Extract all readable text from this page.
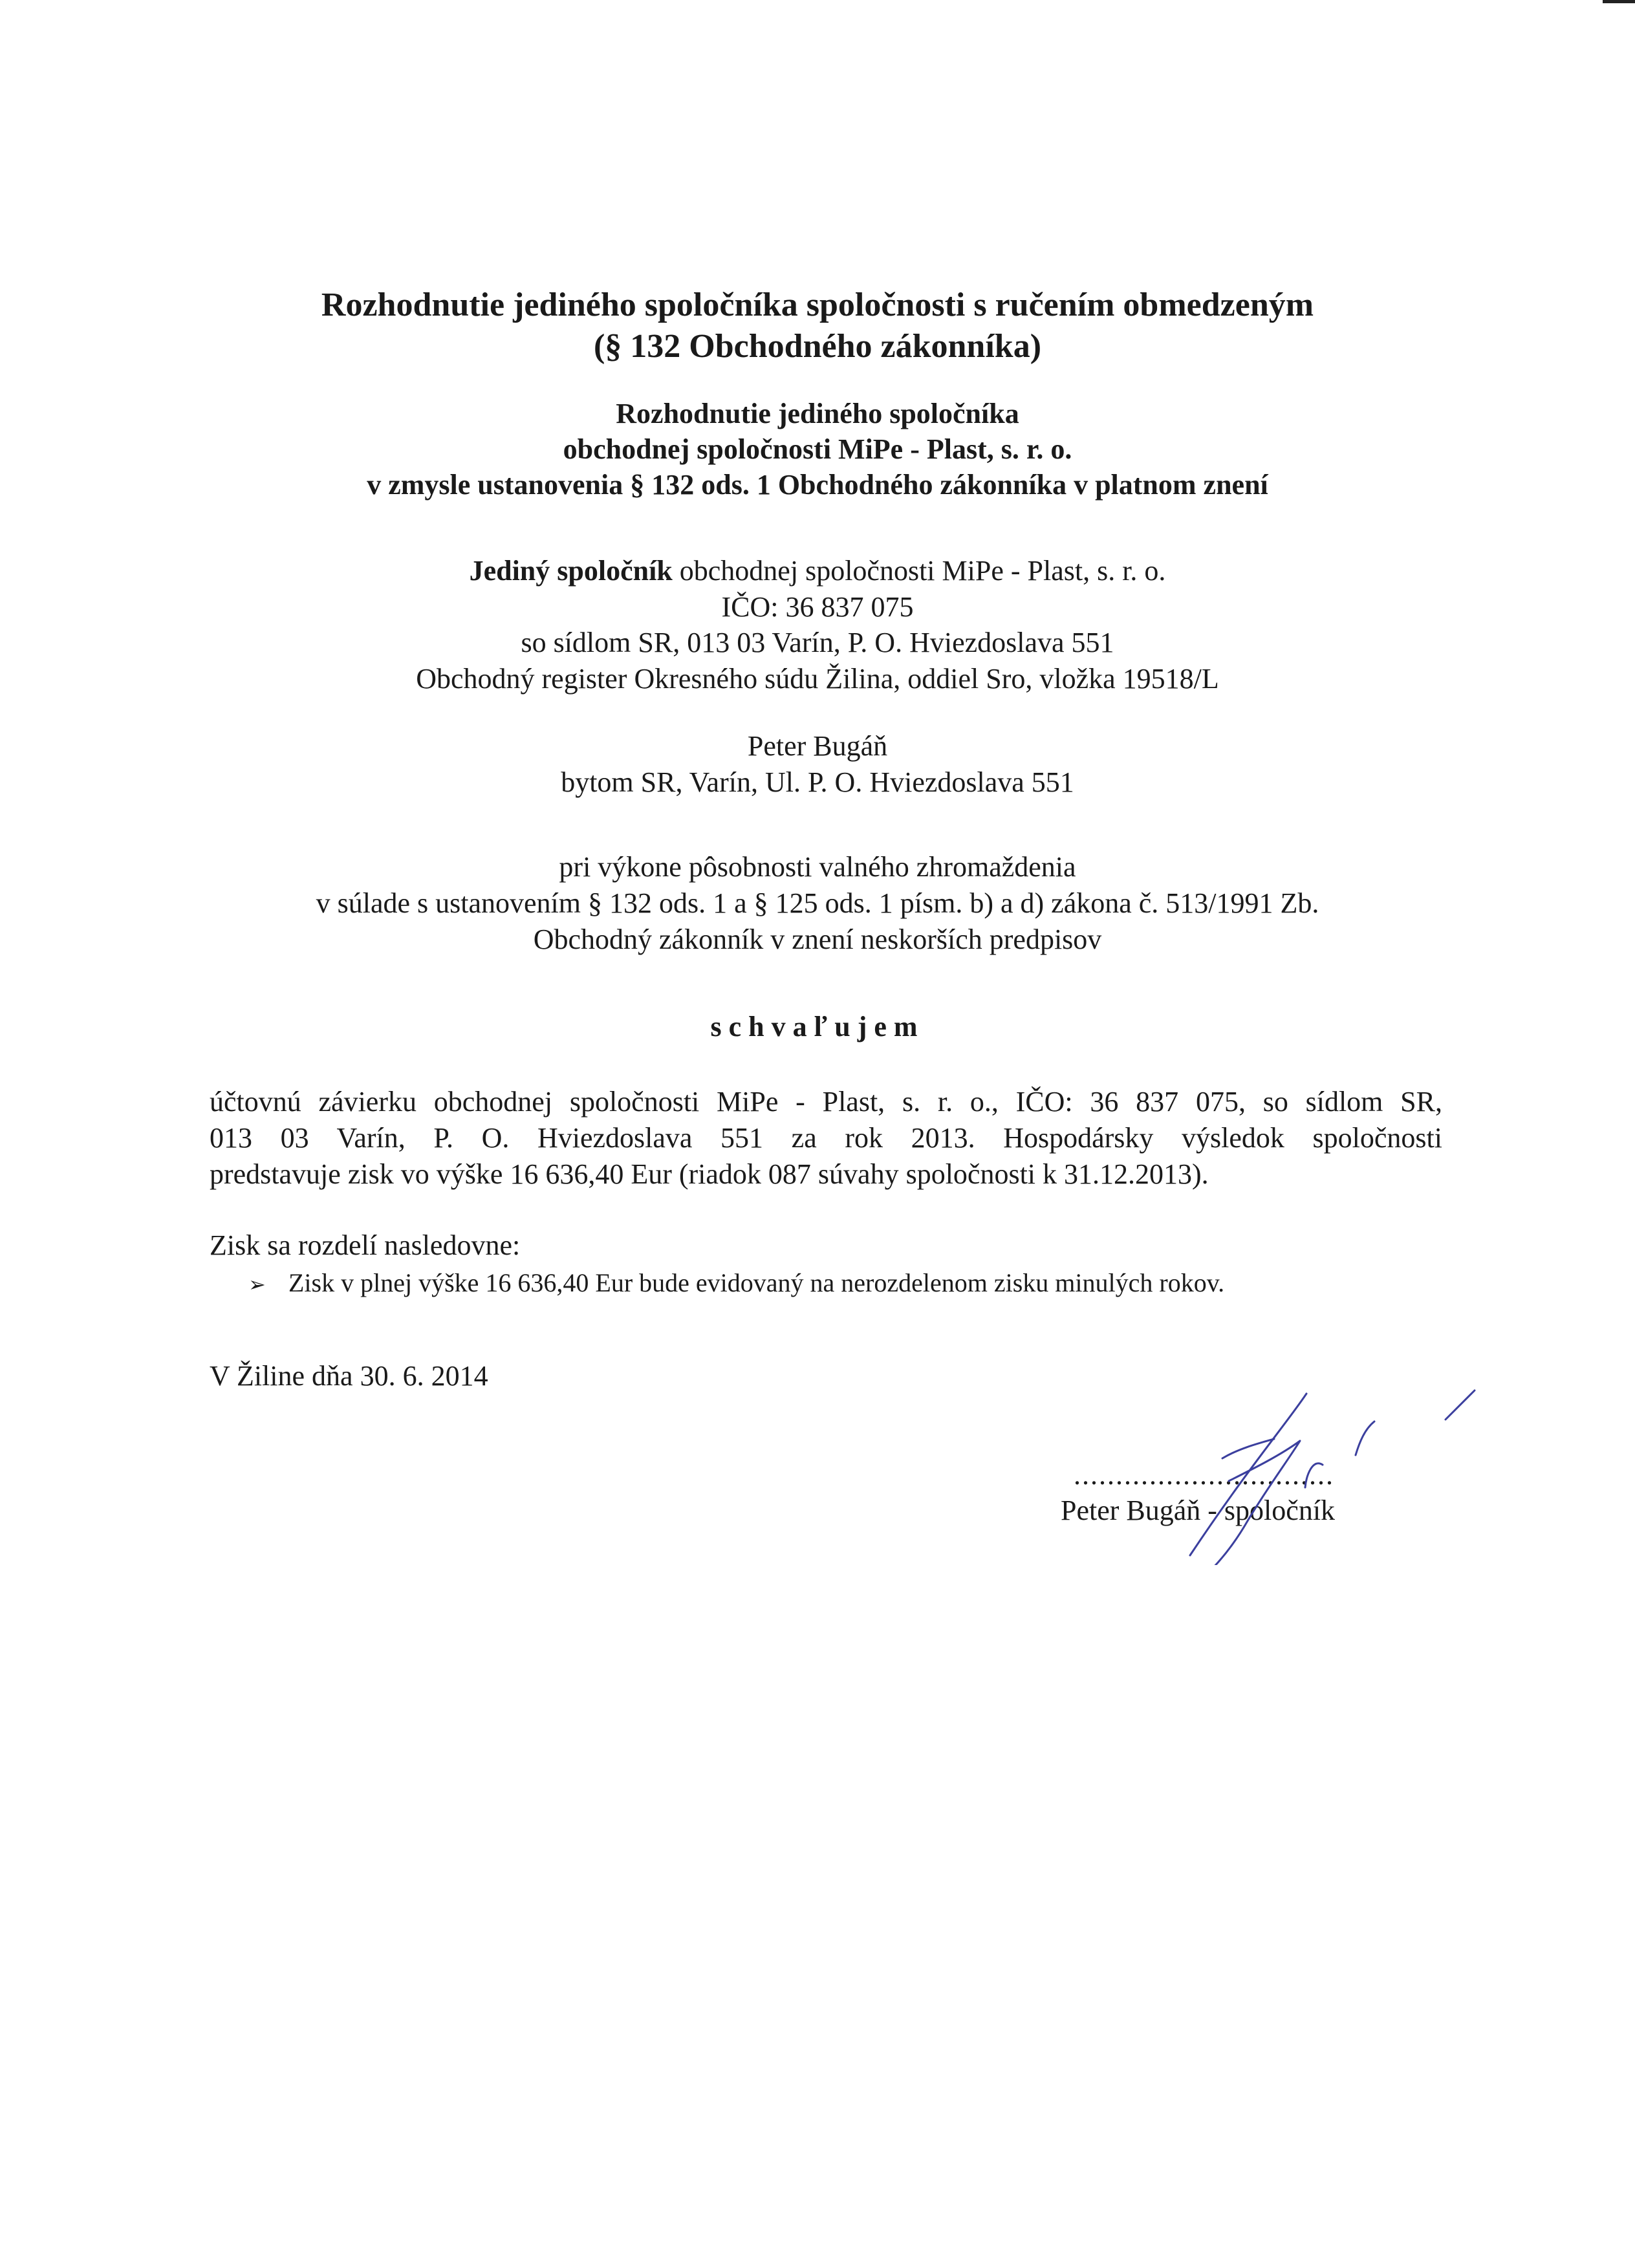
Rozhodnutie jediného spoločníka spoločnosti s ručením obmedzeným
(§ 132 Obchodného zákonníka)
Rozhodnutie jediného spoločníka
obchodnej spoločnosti MiPe - Plast, s. r. o.
v zmysle ustanovenia § 132 ods. 1 Obchodného zákonníka v platnom znení
Jediný spoločník obchodnej spoločnosti MiPe - Plast, s. r. o.
IČO: 36 837 075
so sídlom SR, 013 03 Varín, P. O. Hviezdoslava 551
Obchodný register Okresného súdu Žilina, oddiel Sro, vložka 19518/L
Peter Bugáň
bytom SR, Varín, Ul. P. O. Hviezdoslava 551
pri výkone pôsobnosti valného zhromaždenia
v súlade s ustanovením § 132 ods. 1 a § 125 ods. 1 písm. b) a d) zákona č. 513/1991 Zb.
Obchodný zákonník v znení neskorších predpisov
schvaľujem
účtovnú závierku obchodnej spoločnosti MiPe - Plast, s. r. o., IČO: 36 837 075, so sídlom SR,
013 03 Varín, P. O. Hviezdoslava 551 za rok 2013. Hospodársky výsledok spoločnosti
predstavuje zisk vo výške 16 636,40 Eur (riadok 087 súvahy spoločnosti k 31.12.2013).
Zisk sa rozdelí nasledovne:
➢ Zisk v plnej výške 16 636,40 Eur bude evidovaný na nerozdelenom zisku minulých rokov.
V Žiline dňa 30. 6. 2014
...............................
Peter Bugáň - spoločník
